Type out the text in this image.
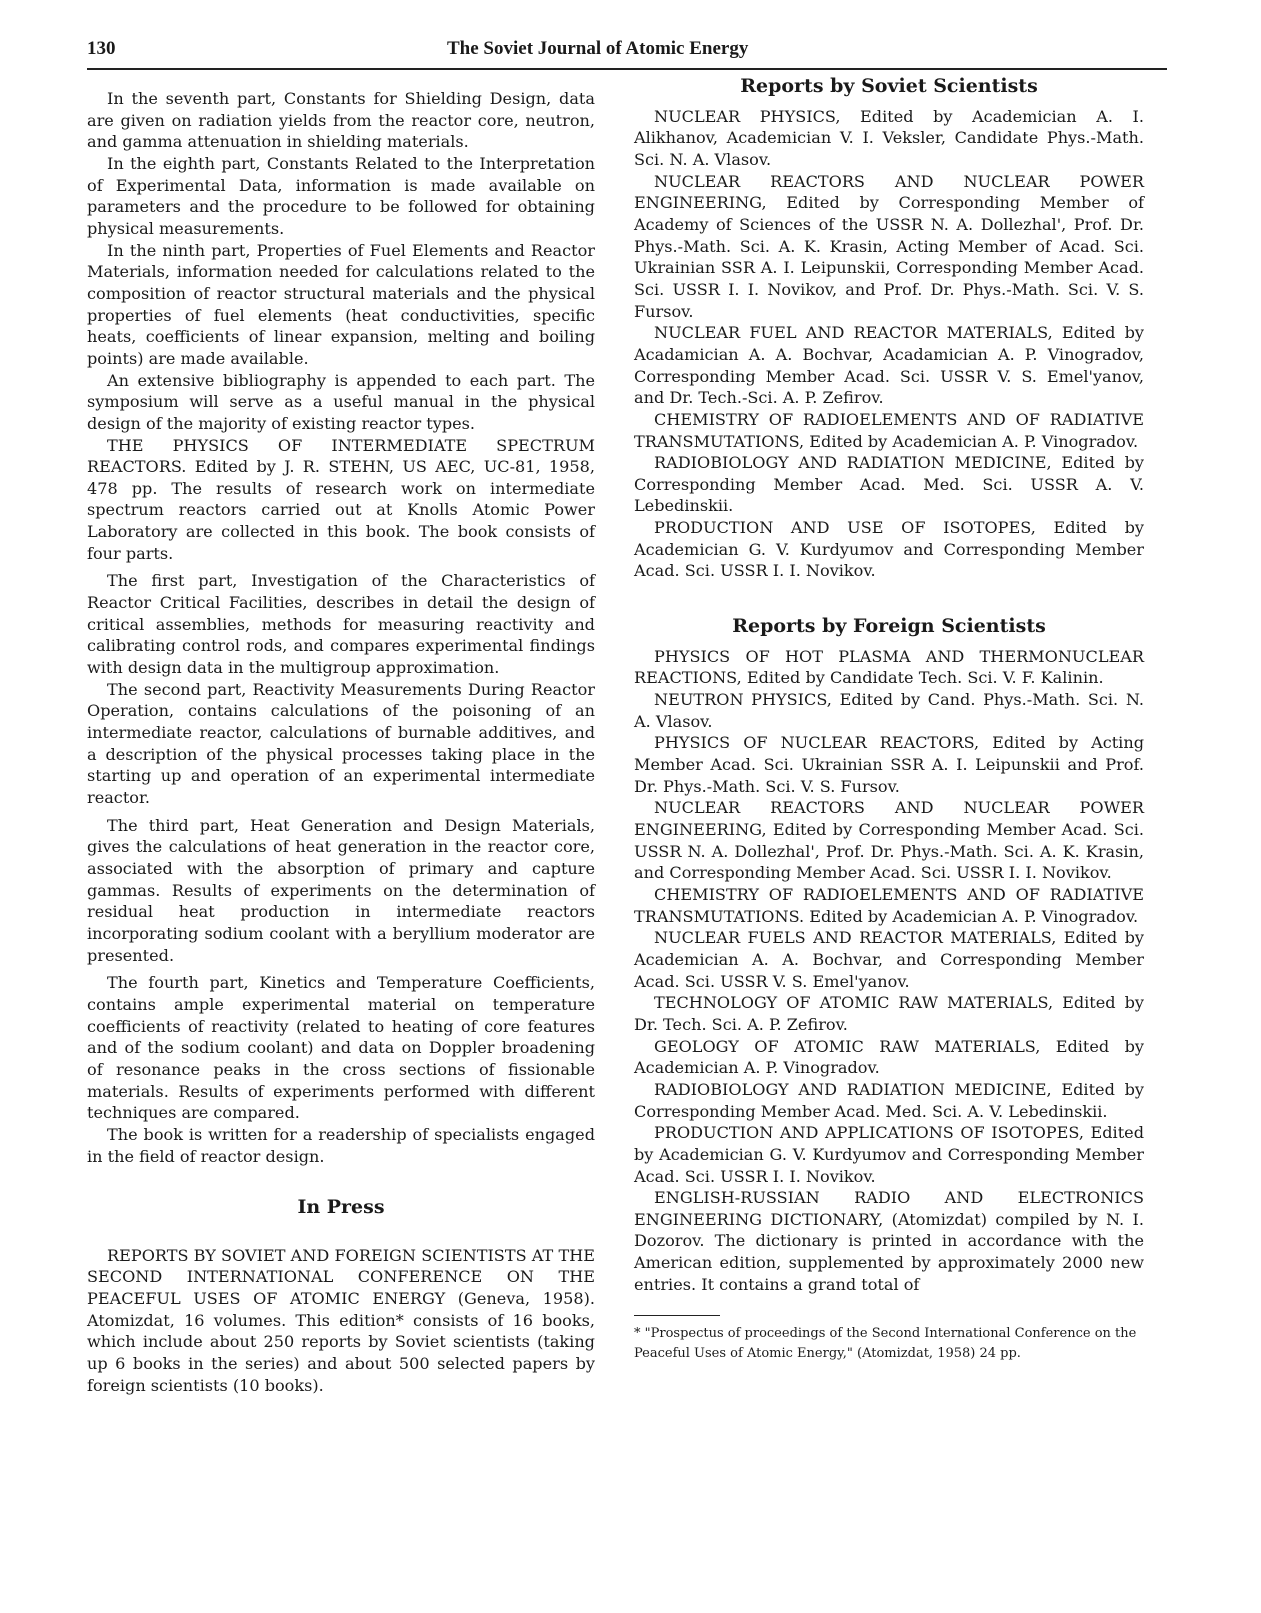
130	The Soviet Journal of Atomic Energy

In the seventh part, Constants for Shielding Design, data are given on radiation yields from the reactor core, neutron, and gamma attenuation in shielding materials.

In the eighth part, Constants Related to the Interpretation of Experimental Data, information is made available on parameters and the procedure to be followed for obtaining physical measurements.

In the ninth part, Properties of Fuel Elements and Reactor Materials, information needed for calculations related to the composition of reactor structural materials and the physical properties of fuel elements (heat conductivities, specific heats, coefficients of linear expansion, melting and boiling points) are made available.

An extensive bibliography is appended to each part. The symposium will serve as a useful manual in the physical design of the majority of existing reactor types.

THE PHYSICS OF INTERMEDIATE SPECTRUM REACTORS. Edited by J. R. STEHN, US AEC, UC-81, 1958, 478 pp. The results of research work on intermediate spectrum reactors carried out at Knolls Atomic Power Laboratory are collected in this book. The book consists of four parts.

The first part, Investigation of the Characteristics of Reactor Critical Facilities, describes in detail the design of critical assemblies, methods for measuring reactivity and calibrating control rods, and compares experimental findings with design data in the multigroup approximation.

The second part, Reactivity Measurements During Reactor Operation, contains calculations of the poisoning of an intermediate reactor, calculations of burnable additives, and a description of the physical processes taking place in the starting up and operation of an experimental intermediate reactor.

The third part, Heat Generation and Design Materials, gives the calculations of heat generation in the reactor core, associated with the absorption of primary and capture gammas. Results of experiments on the determination of residual heat production in intermediate reactors incorporating sodium coolant with a beryllium moderator are presented.

The fourth part, Kinetics and Temperature Coefficients, contains ample experimental material on temperature coefficients of reactivity (related to heating of core features and of the sodium coolant) and data on Doppler broadening of resonance peaks in the cross sections of fissionable materials. Results of experiments performed with different techniques are compared.

The book is written for a readership of specialists engaged in the field of reactor design.

In Press

REPORTS BY SOVIET AND FOREIGN SCIENTISTS AT THE SECOND INTERNATIONAL CONFERENCE ON THE PEACEFUL USES OF ATOMIC ENERGY (Geneva, 1958). Atomizdat, 16 volumes. This edition* consists of 16 books, which include about 250 reports by Soviet scientists (taking up 6 books in the series) and about 500 selected papers by foreign scientists (10 books).

Reports by Soviet Scientists

NUCLEAR PHYSICS, Edited by Academician A. I. Alikhanov, Academician V. I. Veksler, Candidate Phys.-Math. Sci. N. A. Vlasov.

NUCLEAR REACTORS AND NUCLEAR POWER ENGINEERING, Edited by Corresponding Member of Academy of Sciences of the USSR N. A. Dollezhal', Prof. Dr. Phys.-Math. Sci. A. K. Krasin, Acting Member of Acad. Sci. Ukrainian SSR A. I. Leipunskii, Corresponding Member Acad. Sci. USSR I. I. Novikov, and Prof. Dr. Phys.-Math. Sci. V. S. Fursov.

NUCLEAR FUEL AND REACTOR MATERIALS, Edited by Acadamician A. A. Bochvar, Acadamician A. P. Vinogradov, Corresponding Member Acad. Sci. USSR V. S. Emel'yanov, and Dr. Tech.-Sci. A. P. Zefirov.

CHEMISTRY OF RADIOELEMENTS AND OF RADIATIVE TRANSMUTATIONS, Edited by Academician A. P. Vinogradov.

RADIOBIOLOGY AND RADIATION MEDICINE, Edited by Corresponding Member Acad. Med. Sci. USSR A. V. Lebedinskii.

PRODUCTION AND USE OF ISOTOPES, Edited by Academician G. V. Kurdyumov and Corresponding Member Acad. Sci. USSR I. I. Novikov.

Reports by Foreign Scientists

PHYSICS OF HOT PLASMA AND THERMONUCLEAR REACTIONS, Edited by Candidate Tech. Sci. V. F. Kalinin.

NEUTRON PHYSICS, Edited by Cand. Phys.-Math. Sci. N. A. Vlasov.

PHYSICS OF NUCLEAR REACTORS, Edited by Acting Member Acad. Sci. Ukrainian SSR A. I. Leipunskii and Prof. Dr. Phys.-Math. Sci. V. S. Fursov.

NUCLEAR REACTORS AND NUCLEAR POWER ENGINEERING, Edited by Corresponding Member Acad. Sci. USSR N. A. Dollezhal', Prof. Dr. Phys.-Math. Sci. A. K. Krasin, and Corresponding Member Acad. Sci. USSR I. I. Novikov.

CHEMISTRY OF RADIOELEMENTS AND OF RADIATIVE TRANSMUTATIONS. Edited by Academician A. P. Vinogradov.

NUCLEAR FUELS AND REACTOR MATERIALS, Edited by Academician A. A. Bochvar, and Corresponding Member Acad. Sci. USSR V. S. Emel'yanov.

TECHNOLOGY OF ATOMIC RAW MATERIALS, Edited by Dr. Tech. Sci. A. P. Zefirov.

GEOLOGY OF ATOMIC RAW MATERIALS, Edited by Academician A. P. Vinogradov.

RADIOBIOLOGY AND RADIATION MEDICINE, Edited by Corresponding Member Acad. Med. Sci. A. V. Lebedinskii.

PRODUCTION AND APPLICATIONS OF ISOTOPES, Edited by Academician G. V. Kurdyumov and Corresponding Member Acad. Sci. USSR I. I. Novikov.

ENGLISH-RUSSIAN RADIO AND ELECTRONICS ENGINEERING DICTIONARY, (Atomizdat) compiled by N. I. Dozorov. The dictionary is printed in accordance with the American edition, supplemented by approximately 2000 new entries. It contains a grand total of

* "Prospectus of proceedings of the Second International Conference on the Peaceful Uses of Atomic Energy," (Atomizdat, 1958) 24 pp.
